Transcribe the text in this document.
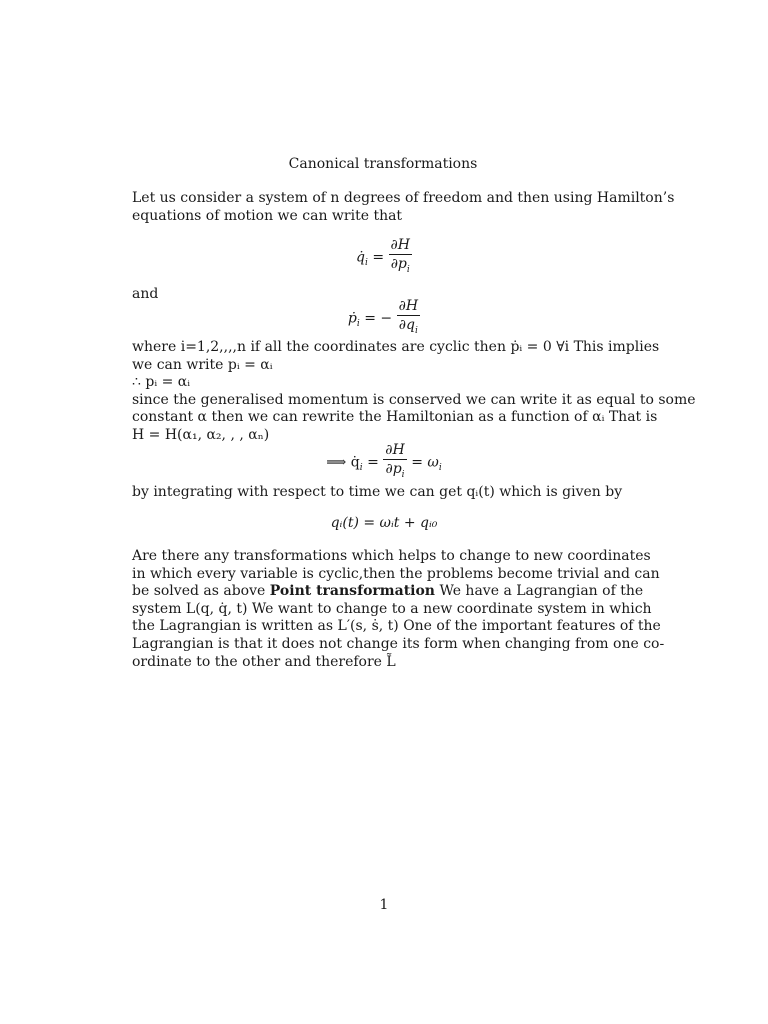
Canonical transformations
Let us consider a system of n degrees of freedom and then using Hamilton’s
equations of motion we can write that
$q̇_i = \frac{\partial H}{\partial p_i}$
and
ṗ$_i$ = − $\frac{\partial H}{\partial q_i}$
where i=1,2,,,,n if all the coordinates are cyclic then ṗᵢ = 0 ∀i This implies
we can write pᵢ = αᵢ
∴ pᵢ = αᵢ
since the generalised momentum is conserved we can write it as equal to some
constant α then we can rewrite the Hamiltonian as a function of αᵢ That is
H = H(α₁, α₂, , , αₙ)
⟹ $q̇_i = \frac{\partial H}{\partial p_i} = \omega_i$
by integrating with respect to time we can get qᵢ(t) which is given by
qᵢ(t) = ωᵢt + qᵢ₀
Are there any transformations which helps to change to new coordinates
in which every variable is cyclic,then the problems become trivial and can
be solved as above Point transformation We have a Lagrangian of the
system L(q, q̇, t) We want to change to a new coordinate system in which
the Lagrangian is written as L′(s, ṡ, t) One of the important features of the
Lagrangian is that it does not change its form when changing from one co-
ordinate to the other and therefore L̃
1
